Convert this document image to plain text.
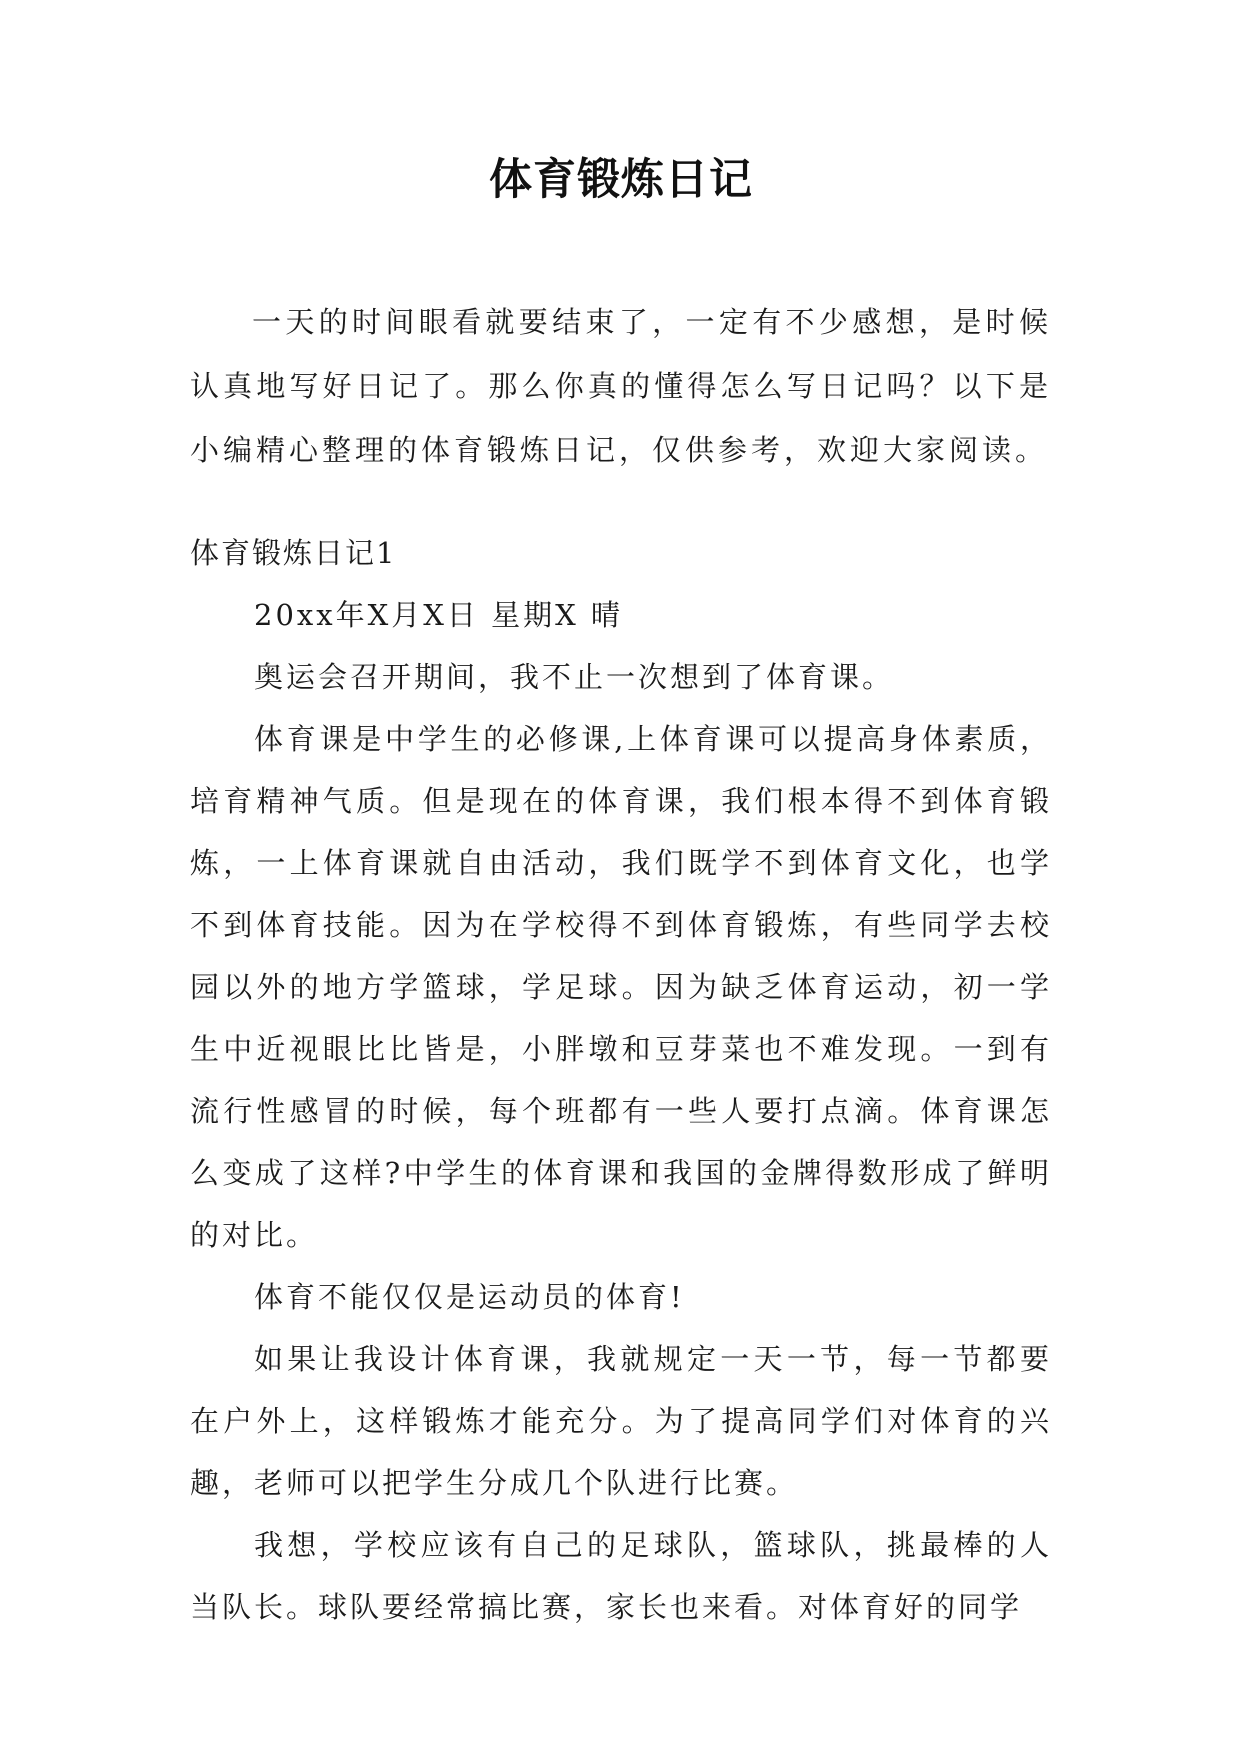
体育锻炼日记

一天的时间眼看就要结束了，一定有不少感想，是时候认真地写好日记了。那么你真的懂得怎么写日记吗？以下是小编精心整理的体育锻炼日记，仅供参考，欢迎大家阅读。

体育锻炼日记1

20xx年X月X日 星期X 晴

奥运会召开期间，我不止一次想到了体育课。

体育课是中学生的必修课,上体育课可以提高身体素质，培育精神气质。但是现在的体育课，我们根本得不到体育锻炼，一上体育课就自由活动，我们既学不到体育文化，也学不到体育技能。因为在学校得不到体育锻炼，有些同学去校园以外的地方学篮球，学足球。因为缺乏体育运动，初一学生中近视眼比比皆是，小胖墩和豆芽菜也不难发现。一到有流行性感冒的时候，每个班都有一些人要打点滴。体育课怎么变成了这样?中学生的体育课和我国的金牌得数形成了鲜明的对比。

体育不能仅仅是运动员的体育!

如果让我设计体育课，我就规定一天一节，每一节都要在户外上，这样锻炼才能充分。为了提高同学们对体育的兴趣，老师可以把学生分成几个队进行比赛。

我想，学校应该有自己的足球队，篮球队，挑最棒的人当队长。球队要经常搞比赛，家长也来看。对体育好的同学
